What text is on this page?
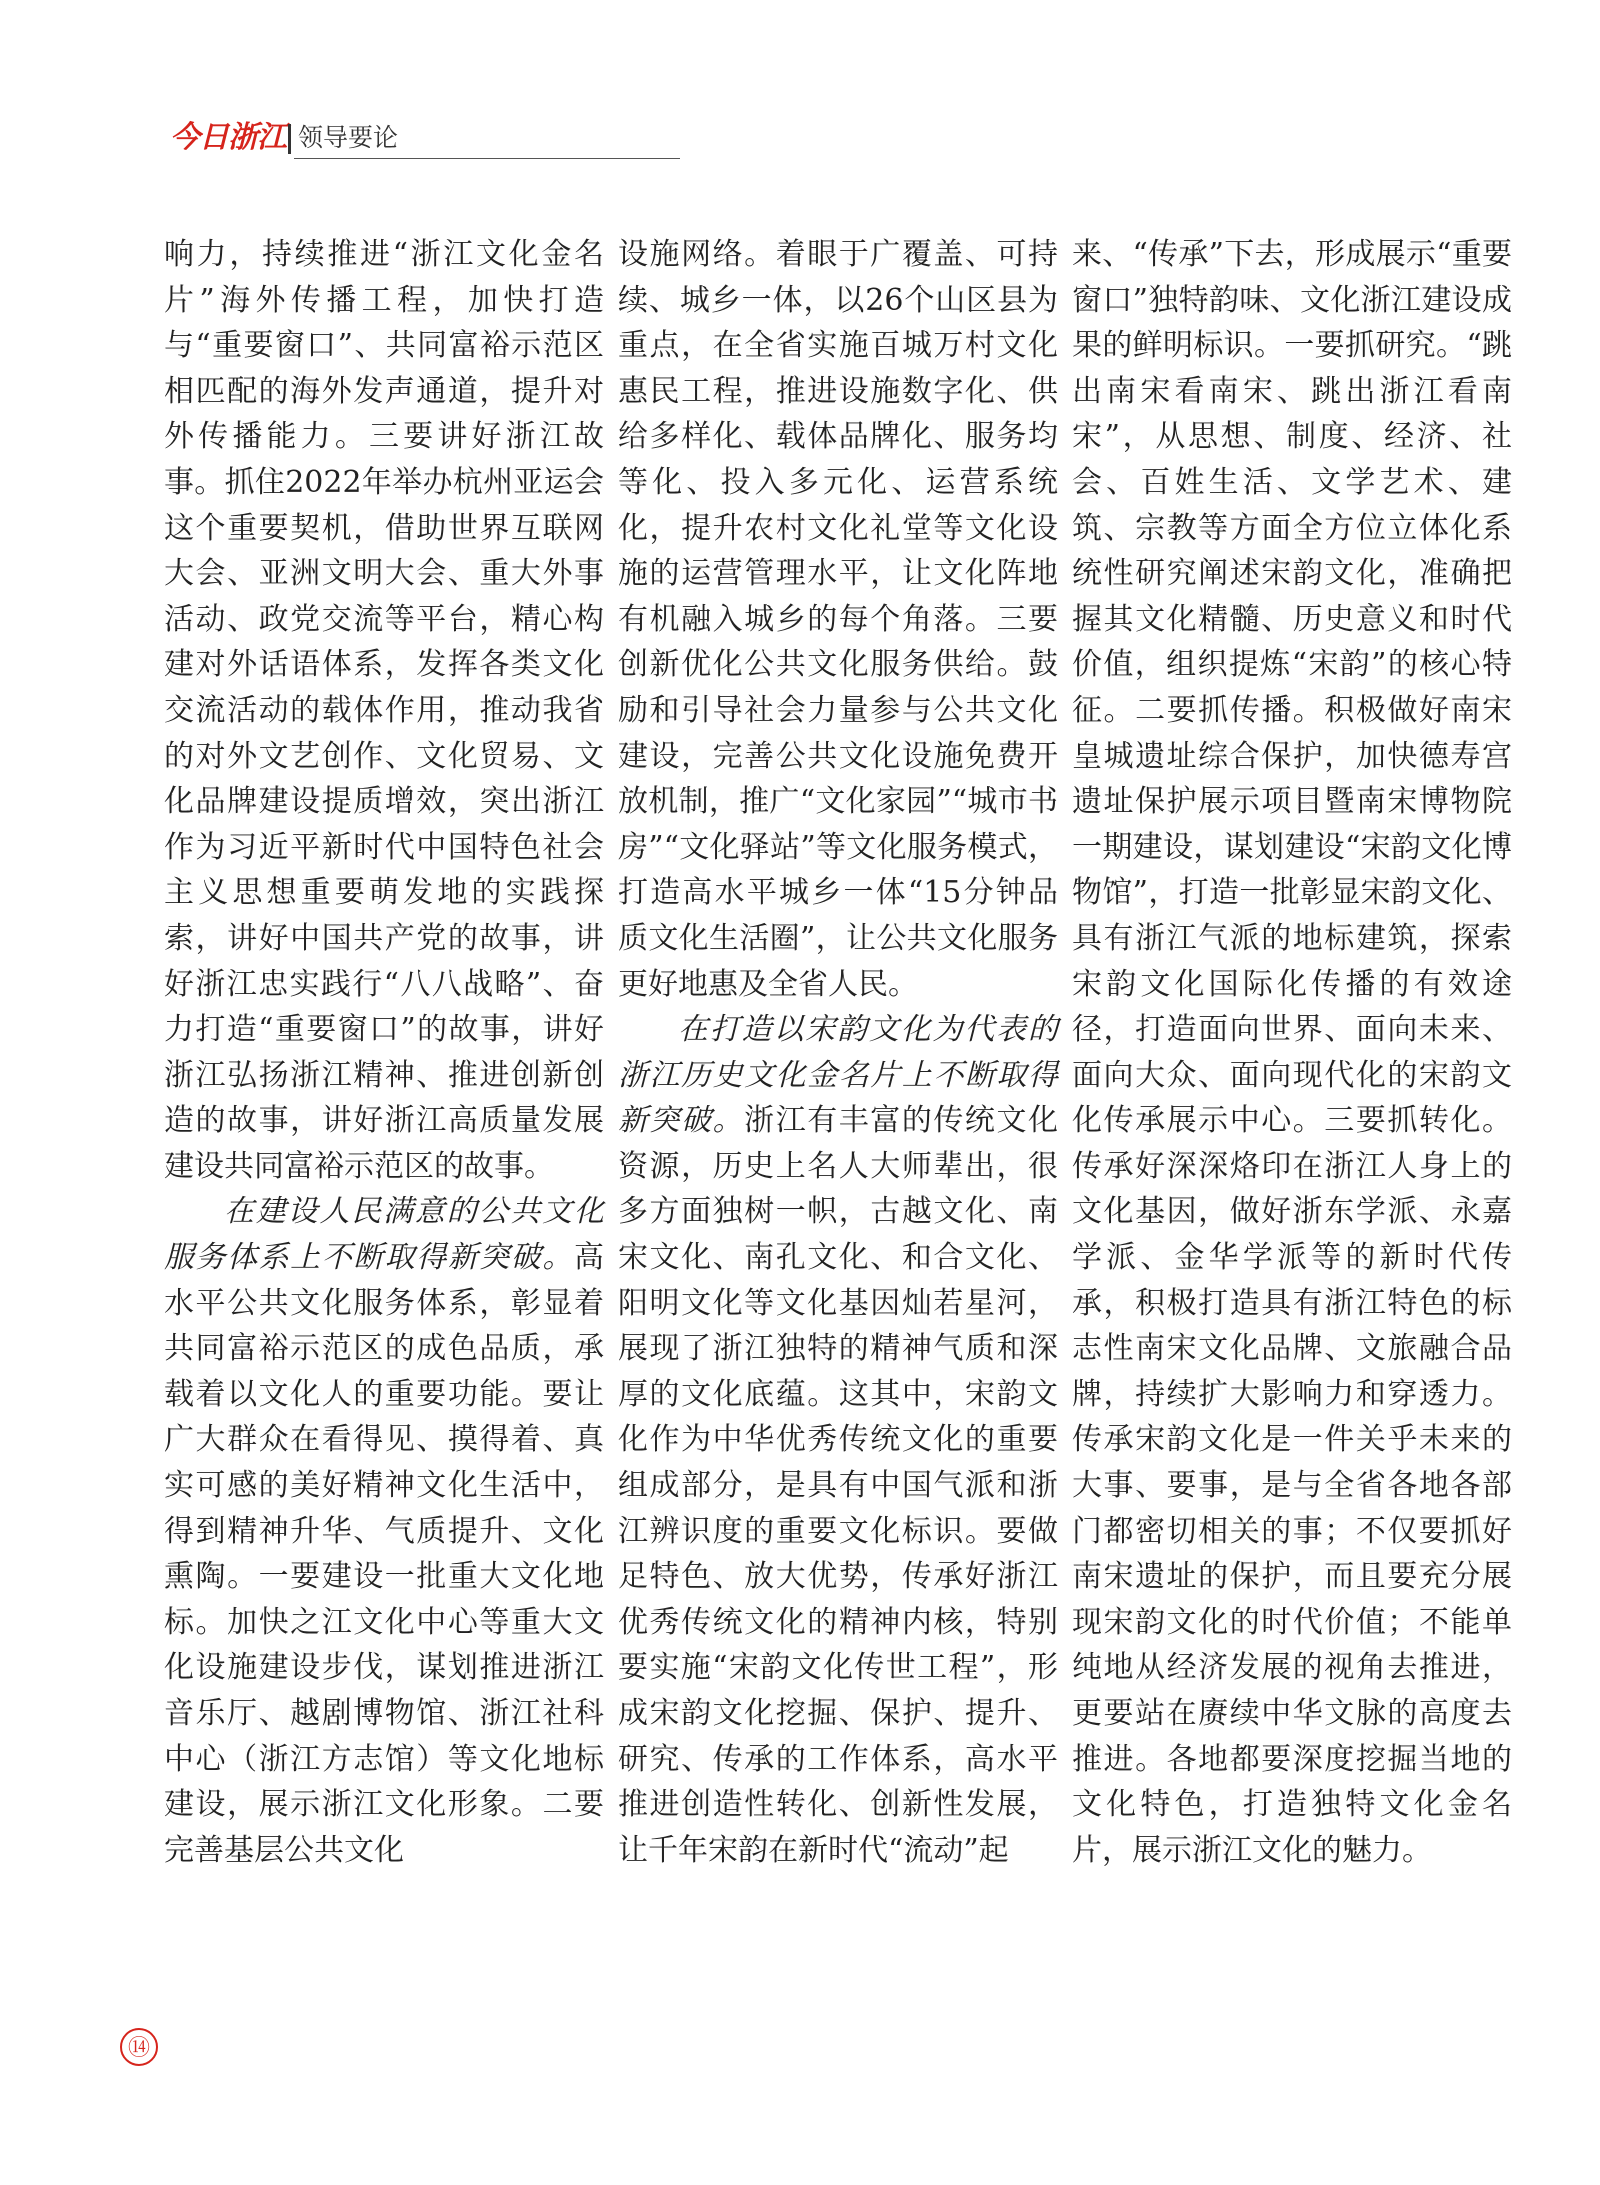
今日浙江 领导要论

响力，持续推进“浙江文化金名片”海外传播工程，加快打造与“重要窗口”、共同富裕示范区相匹配的海外发声通道，提升对外传播能力。三要讲好浙江故事。抓住2022年举办杭州亚运会这个重要契机，借助世界互联网大会、亚洲文明大会、重大外事活动、政党交流等平台，精心构建对外话语体系，发挥各类文化交流活动的载体作用，推动我省的对外文艺创作、文化贸易、文化品牌建设提质增效，突出浙江作为习近平新时代中国特色社会主义思想重要萌发地的实践探索，讲好中国共产党的故事，讲好浙江忠实践行“八八战略”、奋力打造“重要窗口”的故事，讲好浙江弘扬浙江精神、推进创新创造的故事，讲好浙江高质量发展建设共同富裕示范区的故事。

在建设人民满意的公共文化服务体系上不断取得新突破。高水平公共文化服务体系，彰显着共同富裕示范区的成色品质，承载着以文化人的重要功能。要让广大群众在看得见、摸得着、真实可感的美好精神文化生活中，得到精神升华、气质提升、文化熏陶。一要建设一批重大文化地标。加快之江文化中心等重大文化设施建设步伐，谋划推进浙江音乐厅、越剧博物馆、浙江社科中心（浙江方志馆）等文化地标建设，展示浙江文化形象。二要完善基层公共文化

设施网络。着眼于广覆盖、可持续、城乡一体，以26个山区县为重点，在全省实施百城万村文化惠民工程，推进设施数字化、供给多样化、载体品牌化、服务均等化、投入多元化、运营系统化，提升农村文化礼堂等文化设施的运营管理水平，让文化阵地有机融入城乡的每个角落。三要创新优化公共文化服务供给。鼓励和引导社会力量参与公共文化建设，完善公共文化设施免费开放机制，推广“文化家园”“城市书房”“文化驿站”等文化服务模式，打造高水平城乡一体“15分钟品质文化生活圈”，让公共文化服务更好地惠及全省人民。

在打造以宋韵文化为代表的浙江历史文化金名片上不断取得新突破。浙江有丰富的传统文化资源，历史上名人大师辈出，很多方面独树一帜，古越文化、南宋文化、南孔文化、和合文化、阳明文化等文化基因灿若星河，展现了浙江独特的精神气质和深厚的文化底蕴。这其中，宋韵文化作为中华优秀传统文化的重要组成部分，是具有中国气派和浙江辨识度的重要文化标识。要做足特色、放大优势，传承好浙江优秀传统文化的精神内核，特别要实施“宋韵文化传世工程”，形成宋韵文化挖掘、保护、提升、研究、传承的工作体系，高水平推进创造性转化、创新性发展，让千年宋韵在新时代“流动”起

来、“传承”下去，形成展示“重要窗口”独特韵味、文化浙江建设成果的鲜明标识。一要抓研究。“跳出南宋看南宋、跳出浙江看南宋”，从思想、制度、经济、社会、百姓生活、文学艺术、建筑、宗教等方面全方位立体化系统性研究阐述宋韵文化，准确把握其文化精髓、历史意义和时代价值，组织提炼“宋韵”的核心特征。二要抓传播。积极做好南宋皇城遗址综合保护，加快德寿宫遗址保护展示项目暨南宋博物院一期建设，谋划建设“宋韵文化博物馆”，打造一批彰显宋韵文化、具有浙江气派的地标建筑，探索宋韵文化国际化传播的有效途径，打造面向世界、面向未来、面向大众、面向现代化的宋韵文化传承展示中心。三要抓转化。传承好深深烙印在浙江人身上的文化基因，做好浙东学派、永嘉学派、金华学派等的新时代传承，积极打造具有浙江特色的标志性南宋文化品牌、文旅融合品牌，持续扩大影响力和穿透力。传承宋韵文化是一件关乎未来的大事、要事，是与全省各地各部门都密切相关的事；不仅要抓好南宋遗址的保护，而且要充分展现宋韵文化的时代价值；不能单纯地从经济发展的视角去推进，更要站在赓续中华文脉的高度去推进。各地都要深度挖掘当地的文化特色，打造独特文化金名片，展示浙江文化的魅力。

⑭
